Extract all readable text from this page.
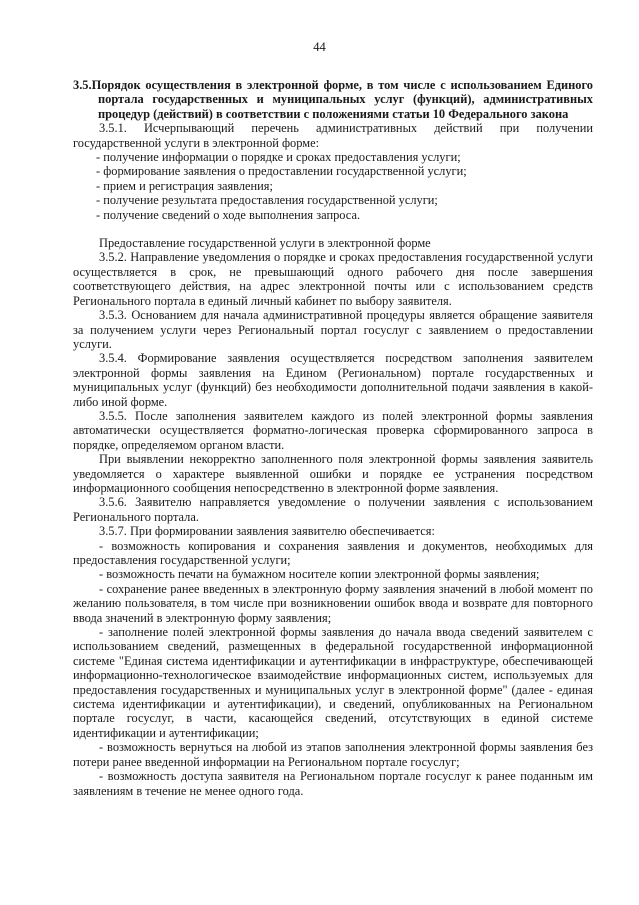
44

3.5.Порядок осуществления в электронной форме, в том числе с использованием Единого портала государственных и муниципальных услуг (функций), административных процедур (действий) в соответствии с положениями статьи 10 Федерального закона

3.5.1. Исчерпывающий перечень административных действий при получении государственной услуги в электронной форме:

- получение информации о порядке и сроках предоставления услуги;

- формирование заявления о предоставлении государственной услуги;

- прием и регистрация заявления;

- получение результата предоставления государственной услуги;

- получение сведений о ходе выполнения запроса.

Предоставление государственной услуги в электронной форме

3.5.2. Направление уведомления о порядке и сроках предоставления государственной услуги осуществляется в срок, не превышающий одного рабочего дня после завершения соответствующего действия, на адрес электронной почты или с использованием средств Регионального портала в единый личный кабинет по выбору заявителя.

3.5.3. Основанием для начала административной процедуры является обращение заявителя за получением услуги через Региональный портал госуслуг с заявлением о предоставлении услуги.

3.5.4. Формирование заявления осуществляется посредством заполнения заявителем электронной формы заявления на Едином (Региональном) портале государственных и муниципальных услуг (функций) без необходимости дополнительной подачи заявления в какой-либо иной форме.

3.5.5. После заполнения заявителем каждого из полей электронной формы заявления автоматически осуществляется форматно-логическая проверка сформированного запроса в порядке, определяемом органом власти.

При выявлении некорректно заполненного поля электронной формы заявления заявитель уведомляется о характере выявленной ошибки и порядке ее устранения посредством информационного сообщения непосредственно в электронной форме заявления.

3.5.6. Заявителю направляется уведомление о получении заявления с использованием Регионального портала.

3.5.7. При формировании заявления заявителю обеспечивается:

- возможность копирования и сохранения заявления и документов, необходимых для предоставления государственной услуги;

- возможность печати на бумажном носителе копии электронной формы заявления;

- сохранение ранее введенных в электронную форму заявления значений в любой момент по желанию пользователя, в том числе при возникновении ошибок ввода и возврате для повторного ввода значений в электронную форму заявления;

- заполнение полей электронной формы заявления до начала ввода сведений заявителем с использованием сведений, размещенных в федеральной государственной информационной системе "Единая система идентификации и аутентификации в инфраструктуре, обеспечивающей информационно-технологическое взаимодействие информационных систем, используемых для предоставления государственных и муниципальных услуг в электронной форме" (далее - единая система идентификации и аутентификации), и сведений, опубликованных на Региональном портале госуслуг, в части, касающейся сведений, отсутствующих в единой системе идентификации и аутентификации;

- возможность вернуться на любой из этапов заполнения электронной формы заявления без потери ранее введенной информации на Региональном портале госуслуг;

- возможность доступа заявителя на Региональном портале госуслуг к ранее поданным им заявлениям в течение не менее одного года.
